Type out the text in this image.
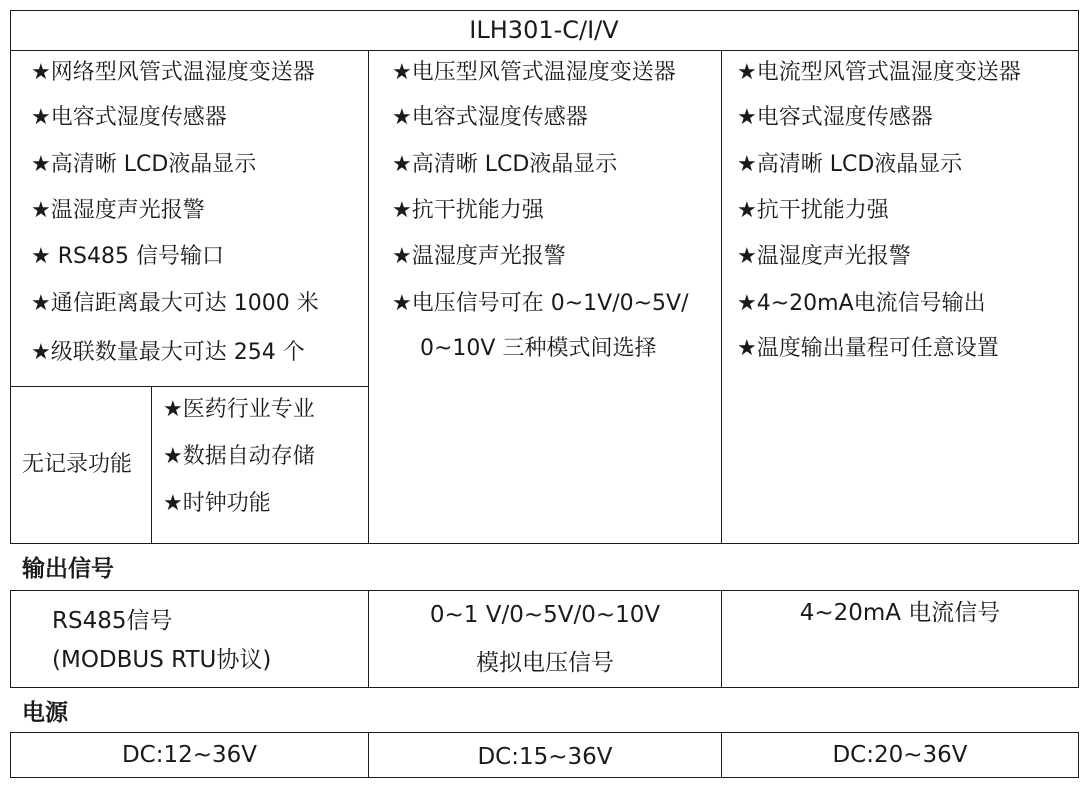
ILH301-C/I/V
★网络型风管式温湿度变送器
★电容式湿度传感器
★高清晰 LCD液晶显示
★温湿度声光报警
★ RS485 信号输口
★通信距离最大可达 1000 米
★级联数量最大可达 254 个
无记录功能
★医药行业专业
★数据自动存储
★时钟功能
★电压型风管式温湿度变送器
★电容式湿度传感器
★高清晰 LCD液晶显示
★抗干扰能力强
★温湿度声光报警
★电压信号可在 0~1V/0~5V/
0~10V 三种模式间选择
★电流型风管式温湿度变送器
★电容式湿度传感器
★高清晰 LCD液晶显示
★抗干扰能力强
★温湿度声光报警
★4~20mA电流信号输出
★温度输出量程可任意设置
输出信号
RS485信号
(MODBUS RTU协议)
0~1 V/0~5V/0~10V
模拟电压信号
4~20mA 电流信号
电源
DC:12~36V	DC:15~36V	DC:20~36V
